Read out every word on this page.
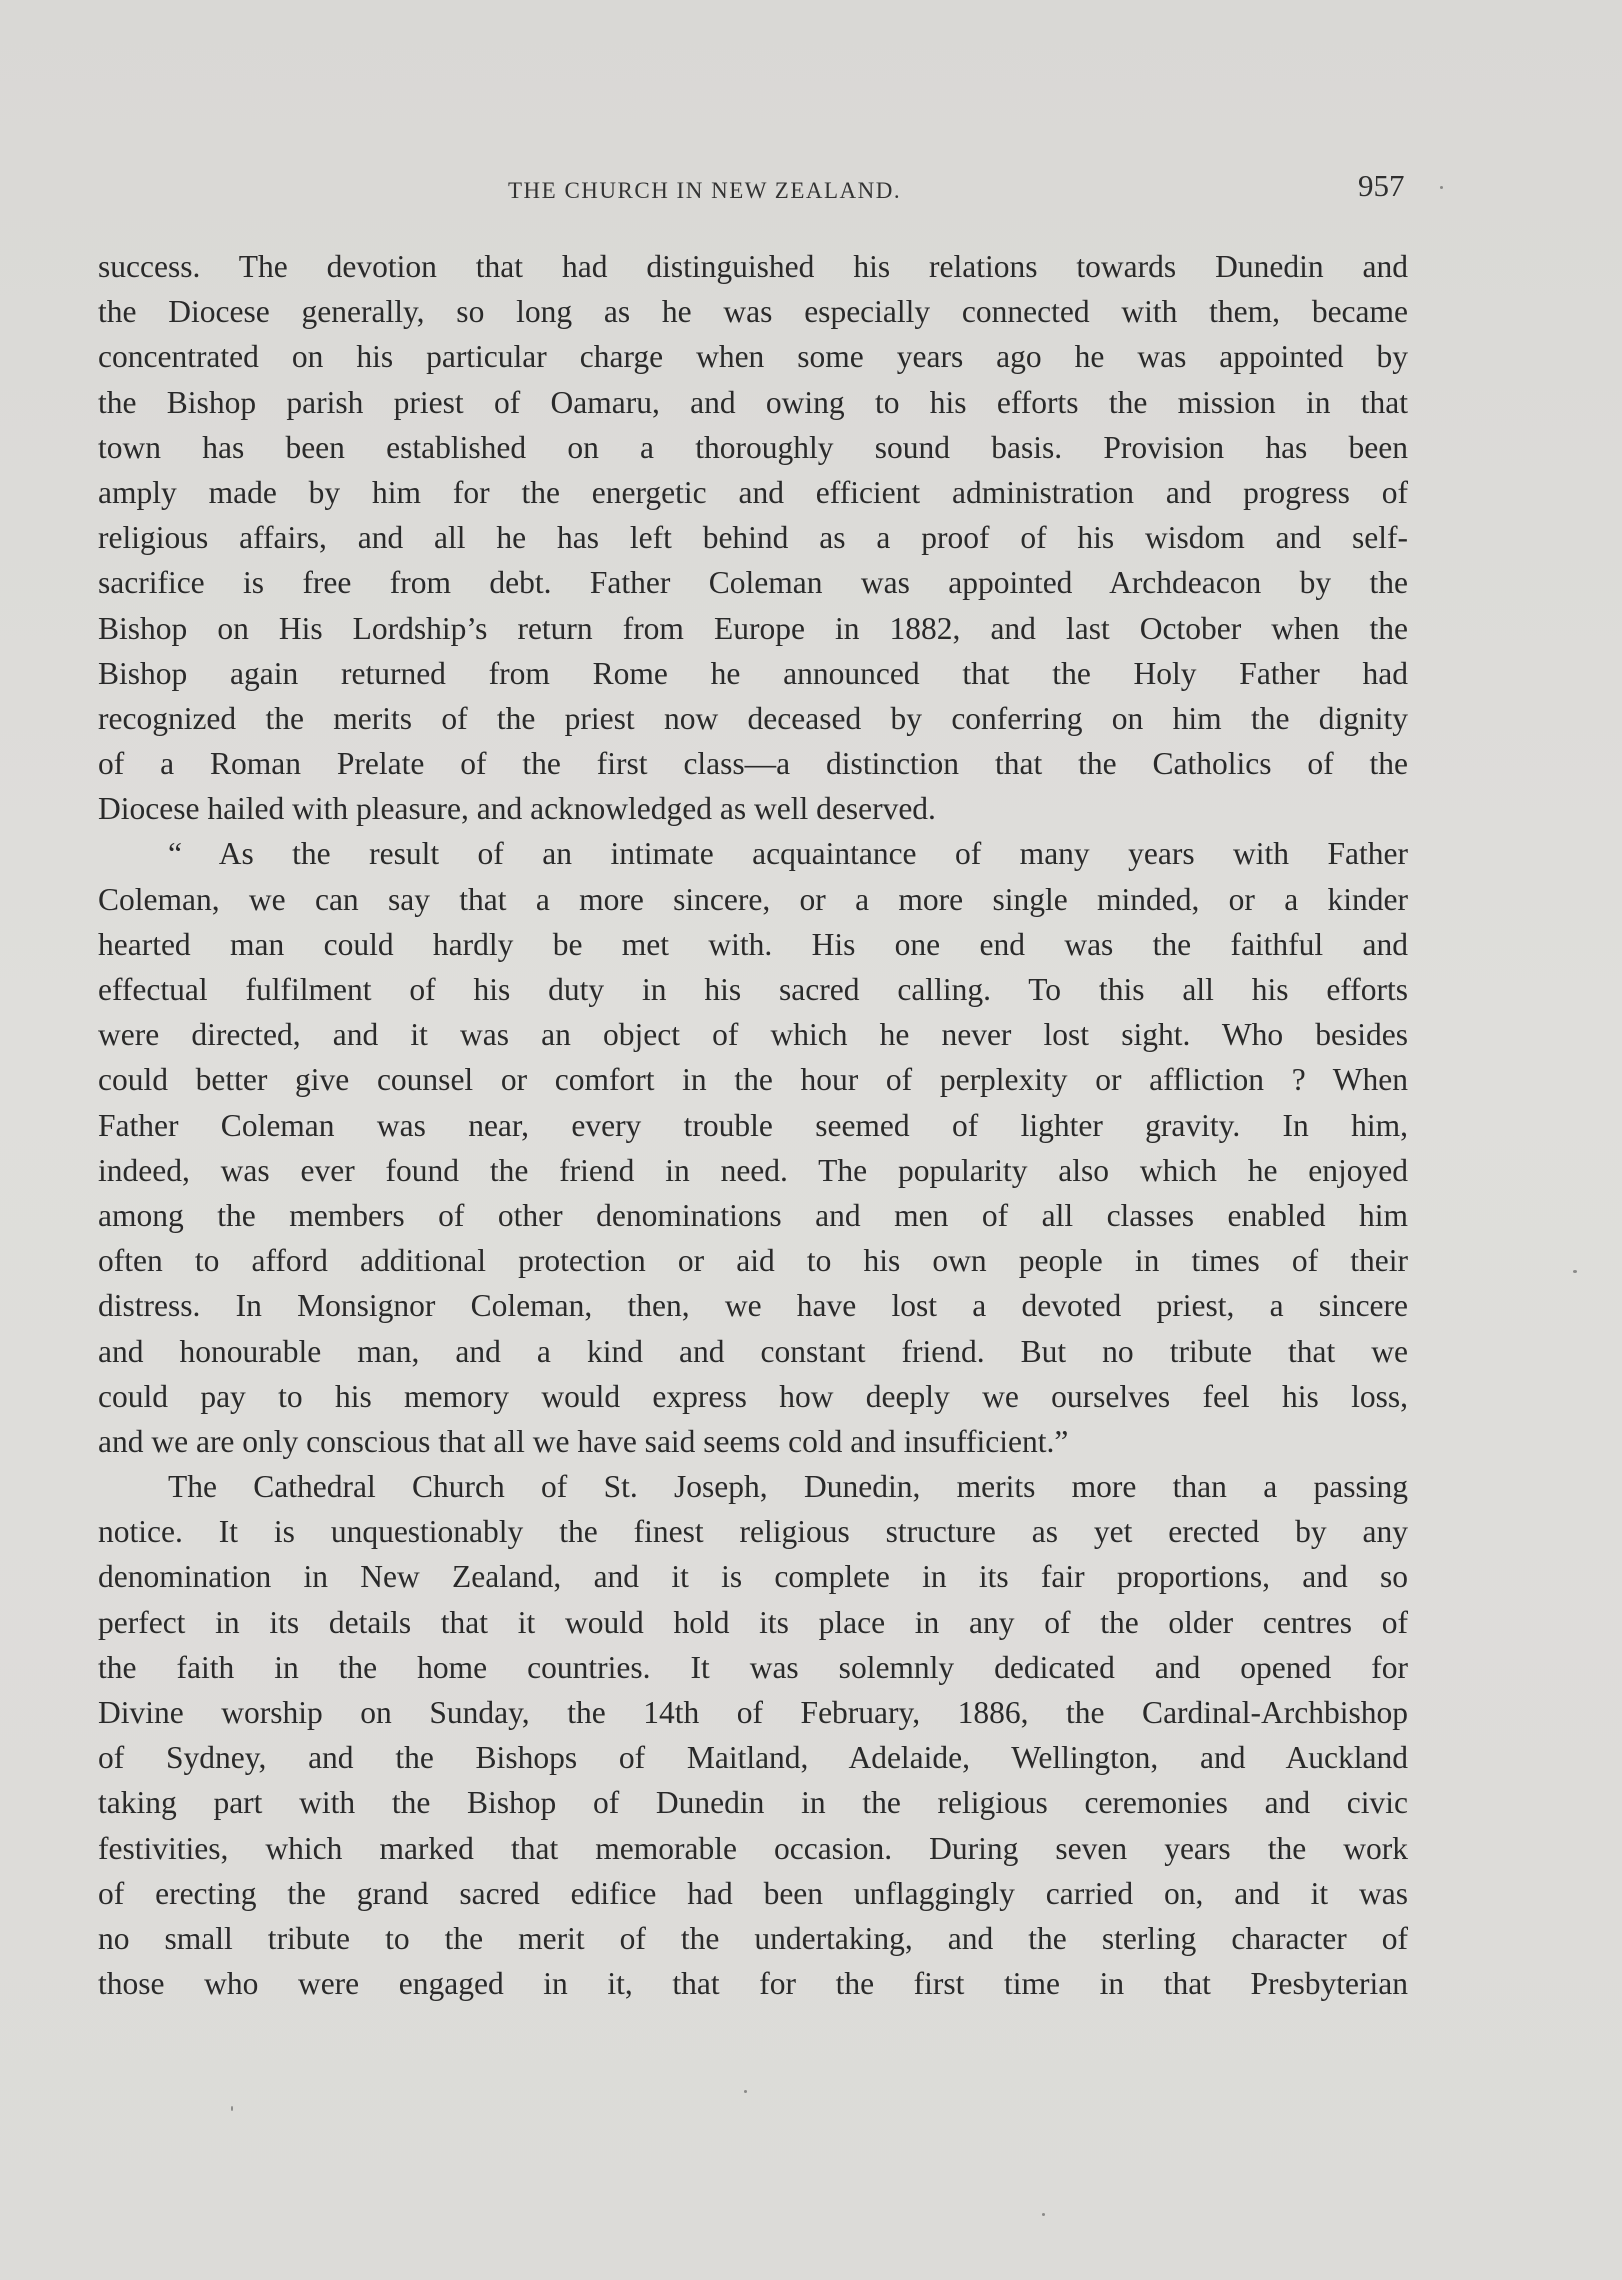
THE CHURCH IN NEW ZEALAND.	957
success. The devotion that had distinguished his relations towards Dunedin and
the Diocese generally, so long as he was especially connected with them, became
concentrated on his particular charge when some years ago he was appointed by
the Bishop parish priest of Oamaru, and owing to his efforts the mission in that
town has been established on a thoroughly sound basis. Provision has been
amply made by him for the energetic and efficient administration and progress of
religious affairs, and all he has left behind as a proof of his wisdom and self-
sacrifice is free from debt. Father Coleman was appointed Archdeacon by the
Bishop on His Lordship’s return from Europe in 1882, and last October when the
Bishop again returned from Rome he announced that the Holy Father had
recognized the merits of the priest now deceased by conferring on him the dignity
of a Roman Prelate of the first class—a distinction that the Catholics of the
Diocese hailed with pleasure, and acknowledged as well deserved.
“ As the result of an intimate acquaintance of many years with Father
Coleman, we can say that a more sincere, or a more single minded, or a kinder
hearted man could hardly be met with. His one end was the faithful and
effectual fulfilment of his duty in his sacred calling. To this all his efforts
were directed, and it was an object of which he never lost sight. Who besides
could better give counsel or comfort in the hour of perplexity or affliction ? When
Father Coleman was near, every trouble seemed of lighter gravity. In him,
indeed, was ever found the friend in need. The popularity also which he enjoyed
among the members of other denominations and men of all classes enabled him
often to afford additional protection or aid to his own people in times of their
distress. In Monsignor Coleman, then, we have lost a devoted priest, a sincere
and honourable man, and a kind and constant friend. But no tribute that we
could pay to his memory would express how deeply we ourselves feel his loss,
and we are only conscious that all we have said seems cold and insufficient.”
The Cathedral Church of St. Joseph, Dunedin, merits more than a passing
notice. It is unquestionably the finest religious structure as yet erected by any
denomination in New Zealand, and it is complete in its fair proportions, and so
perfect in its details that it would hold its place in any of the older centres of
the faith in the home countries. It was solemnly dedicated and opened for
Divine worship on Sunday, the 14th of February, 1886, the Cardinal-Archbishop
of Sydney, and the Bishops of Maitland, Adelaide, Wellington, and Auckland
taking part with the Bishop of Dunedin in the religious ceremonies and civic
festivities, which marked that memorable occasion. During seven years the work
of erecting the grand sacred edifice had been unflaggingly carried on, and it was
no small tribute to the merit of the undertaking, and the sterling character of
those who were engaged in it, that for the first time in that Presbyterian
